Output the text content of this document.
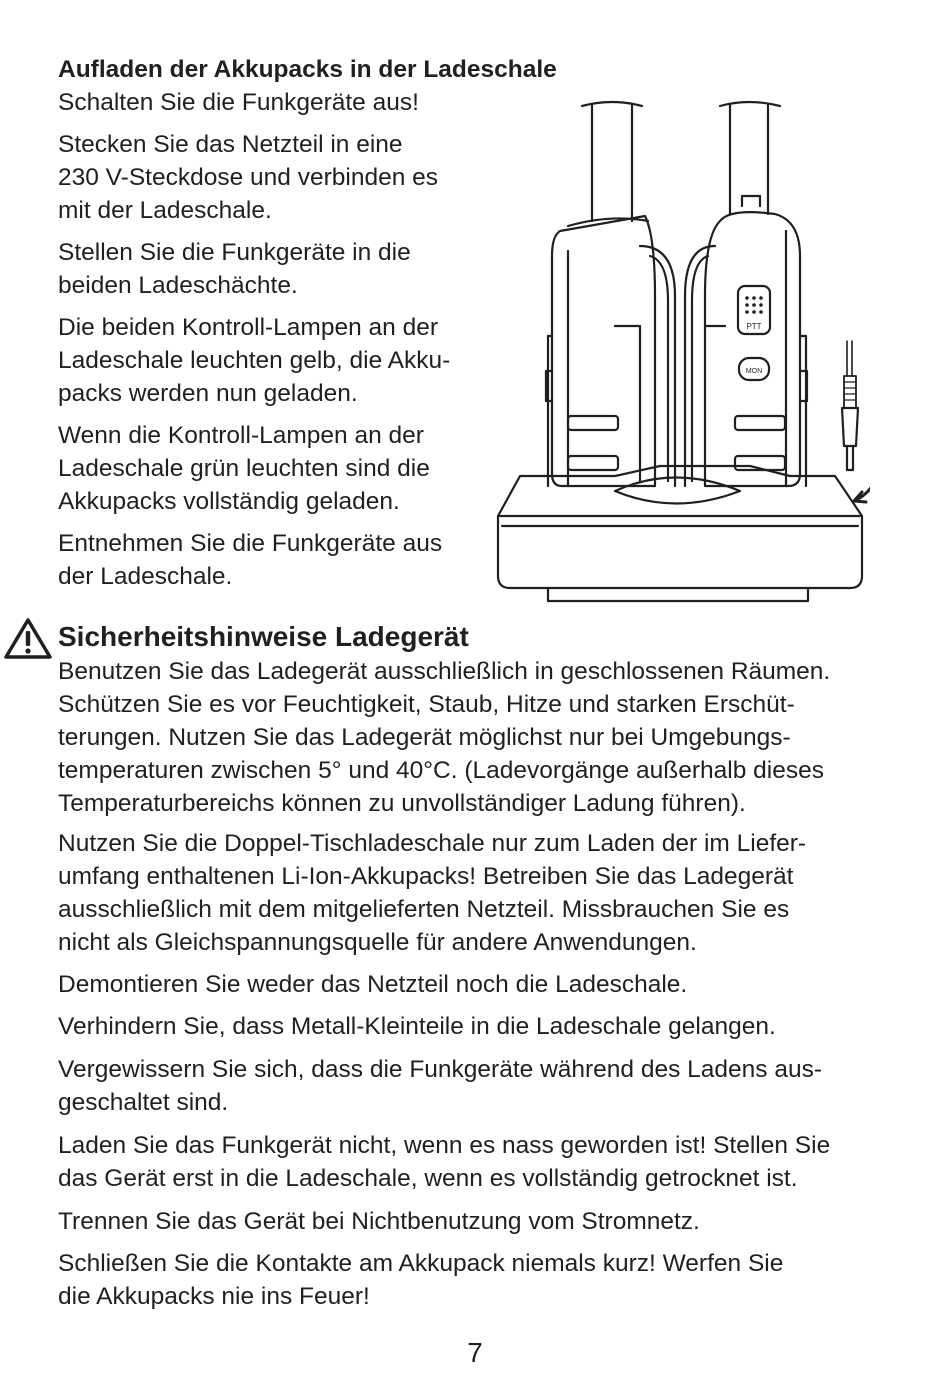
Aufladen der Akkupacks in der Ladeschale

Schalten Sie die Funkgeräte aus!

Stecken Sie das Netzteil in eine
230 V-Steckdose und verbinden es
mit der Ladeschale.

Stellen Sie die Funkgeräte in die
beiden Ladeschächte.

Die beiden Kontroll-Lampen an der
Ladeschale leuchten gelb, die Akku-
packs werden nun geladen.

Wenn die Kontroll-Lampen an der
Ladeschale grün leuchten sind die
Akkupacks vollständig geladen.

Entnehmen Sie die Funkgeräte aus
der Ladeschale.

PTT
MON
Sicherheitshinweise Ladegerät

Benutzen Sie das Ladegerät ausschließlich in geschlossenen Räumen.
Schützen Sie es vor Feuchtigkeit, Staub, Hitze und starken Erschüt-
terungen. Nutzen Sie das Ladegerät möglichst nur bei Umgebungs-
temperaturen zwischen 5° und 40°C. (Ladevorgänge außerhalb dieses
Temperaturbereichs können zu unvollständiger Ladung führen).

Nutzen Sie die Doppel-Tischladeschale nur zum Laden der im Liefer-
umfang enthaltenen Li-Ion-Akkupacks! Betreiben Sie das Ladegerät
ausschließlich mit dem mitgelieferten Netzteil. Missbrauchen Sie es
nicht als Gleichspannungsquelle für andere Anwendungen.

Demontieren Sie weder das Netzteil noch die Ladeschale.

Verhindern Sie, dass Metall-Kleinteile in die Ladeschale gelangen.

Vergewissern Sie sich, dass die Funkgeräte während des Ladens aus-
geschaltet sind.

Laden Sie das Funkgerät nicht, wenn es nass geworden ist! Stellen Sie
das Gerät erst in die Ladeschale, wenn es vollständig getrocknet ist.

Trennen Sie das Gerät bei Nichtbenutzung vom Stromnetz.

Schließen Sie die Kontakte am Akkupack niemals kurz! Werfen Sie
die Akkupacks nie ins Feuer!

7
